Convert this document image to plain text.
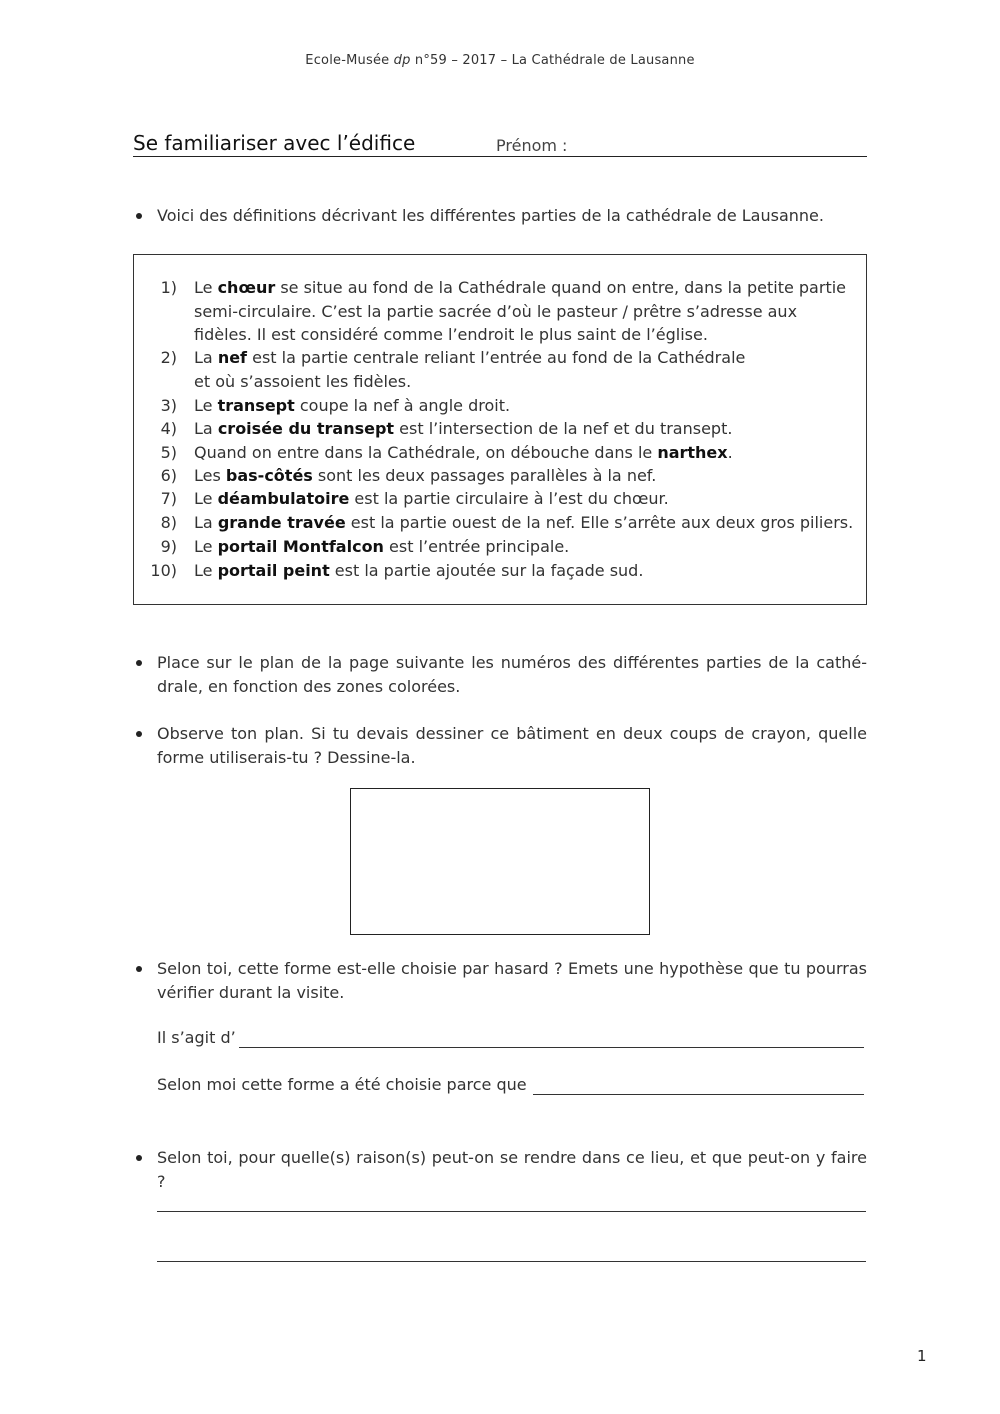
Ecole-Musée dp n°59 – 2017 – La Cathédrale de Lausanne
Se familiariser avec l’édifice	Prénom :
Voici des définitions décrivant les différentes parties de la cathédrale de Lausanne.
1) Le chœur se situe au fond de la Cathédrale quand on entre, dans la petite partie semi-circulaire. C’est la partie sacrée d’où le pasteur / prêtre s’adresse aux fidèles. Il est considéré comme l’endroit le plus saint de l’église.
2) La nef est la partie centrale reliant l’entrée au fond de la Cathédrale et où s’assoient les fidèles.
3) Le transept coupe la nef à angle droit.
4) La croisée du transept est l’intersection de la nef et du transept.
5) Quand on entre dans la Cathédrale, on débouche dans le narthex.
6) Les bas-côtés sont les deux passages parallèles à la nef.
7) Le déambulatoire est la partie circulaire à l’est du chœur.
8) La grande travée est la partie ouest de la nef. Elle s’arrête aux deux gros piliers.
9) Le portail Montfalcon est l’entrée principale.
10) Le portail peint est la partie ajoutée sur la façade sud.
Place sur le plan de la page suivante les numéros des différentes parties de la cathé-drale, en fonction des zones colorées.
Observe ton plan. Si tu devais dessiner ce bâtiment en deux coups de crayon, quelle forme utiliserais-tu ? Dessine-la.
Selon toi, cette forme est-elle choisie par hasard ? Emets une hypothèse que tu pourras vérifier durant la visite.
Il s’agit d’
Selon moi cette forme a été choisie parce que
Selon toi, pour quelle(s) raison(s) peut-on se rendre dans ce lieu, et que peut-on y faire ?
1
